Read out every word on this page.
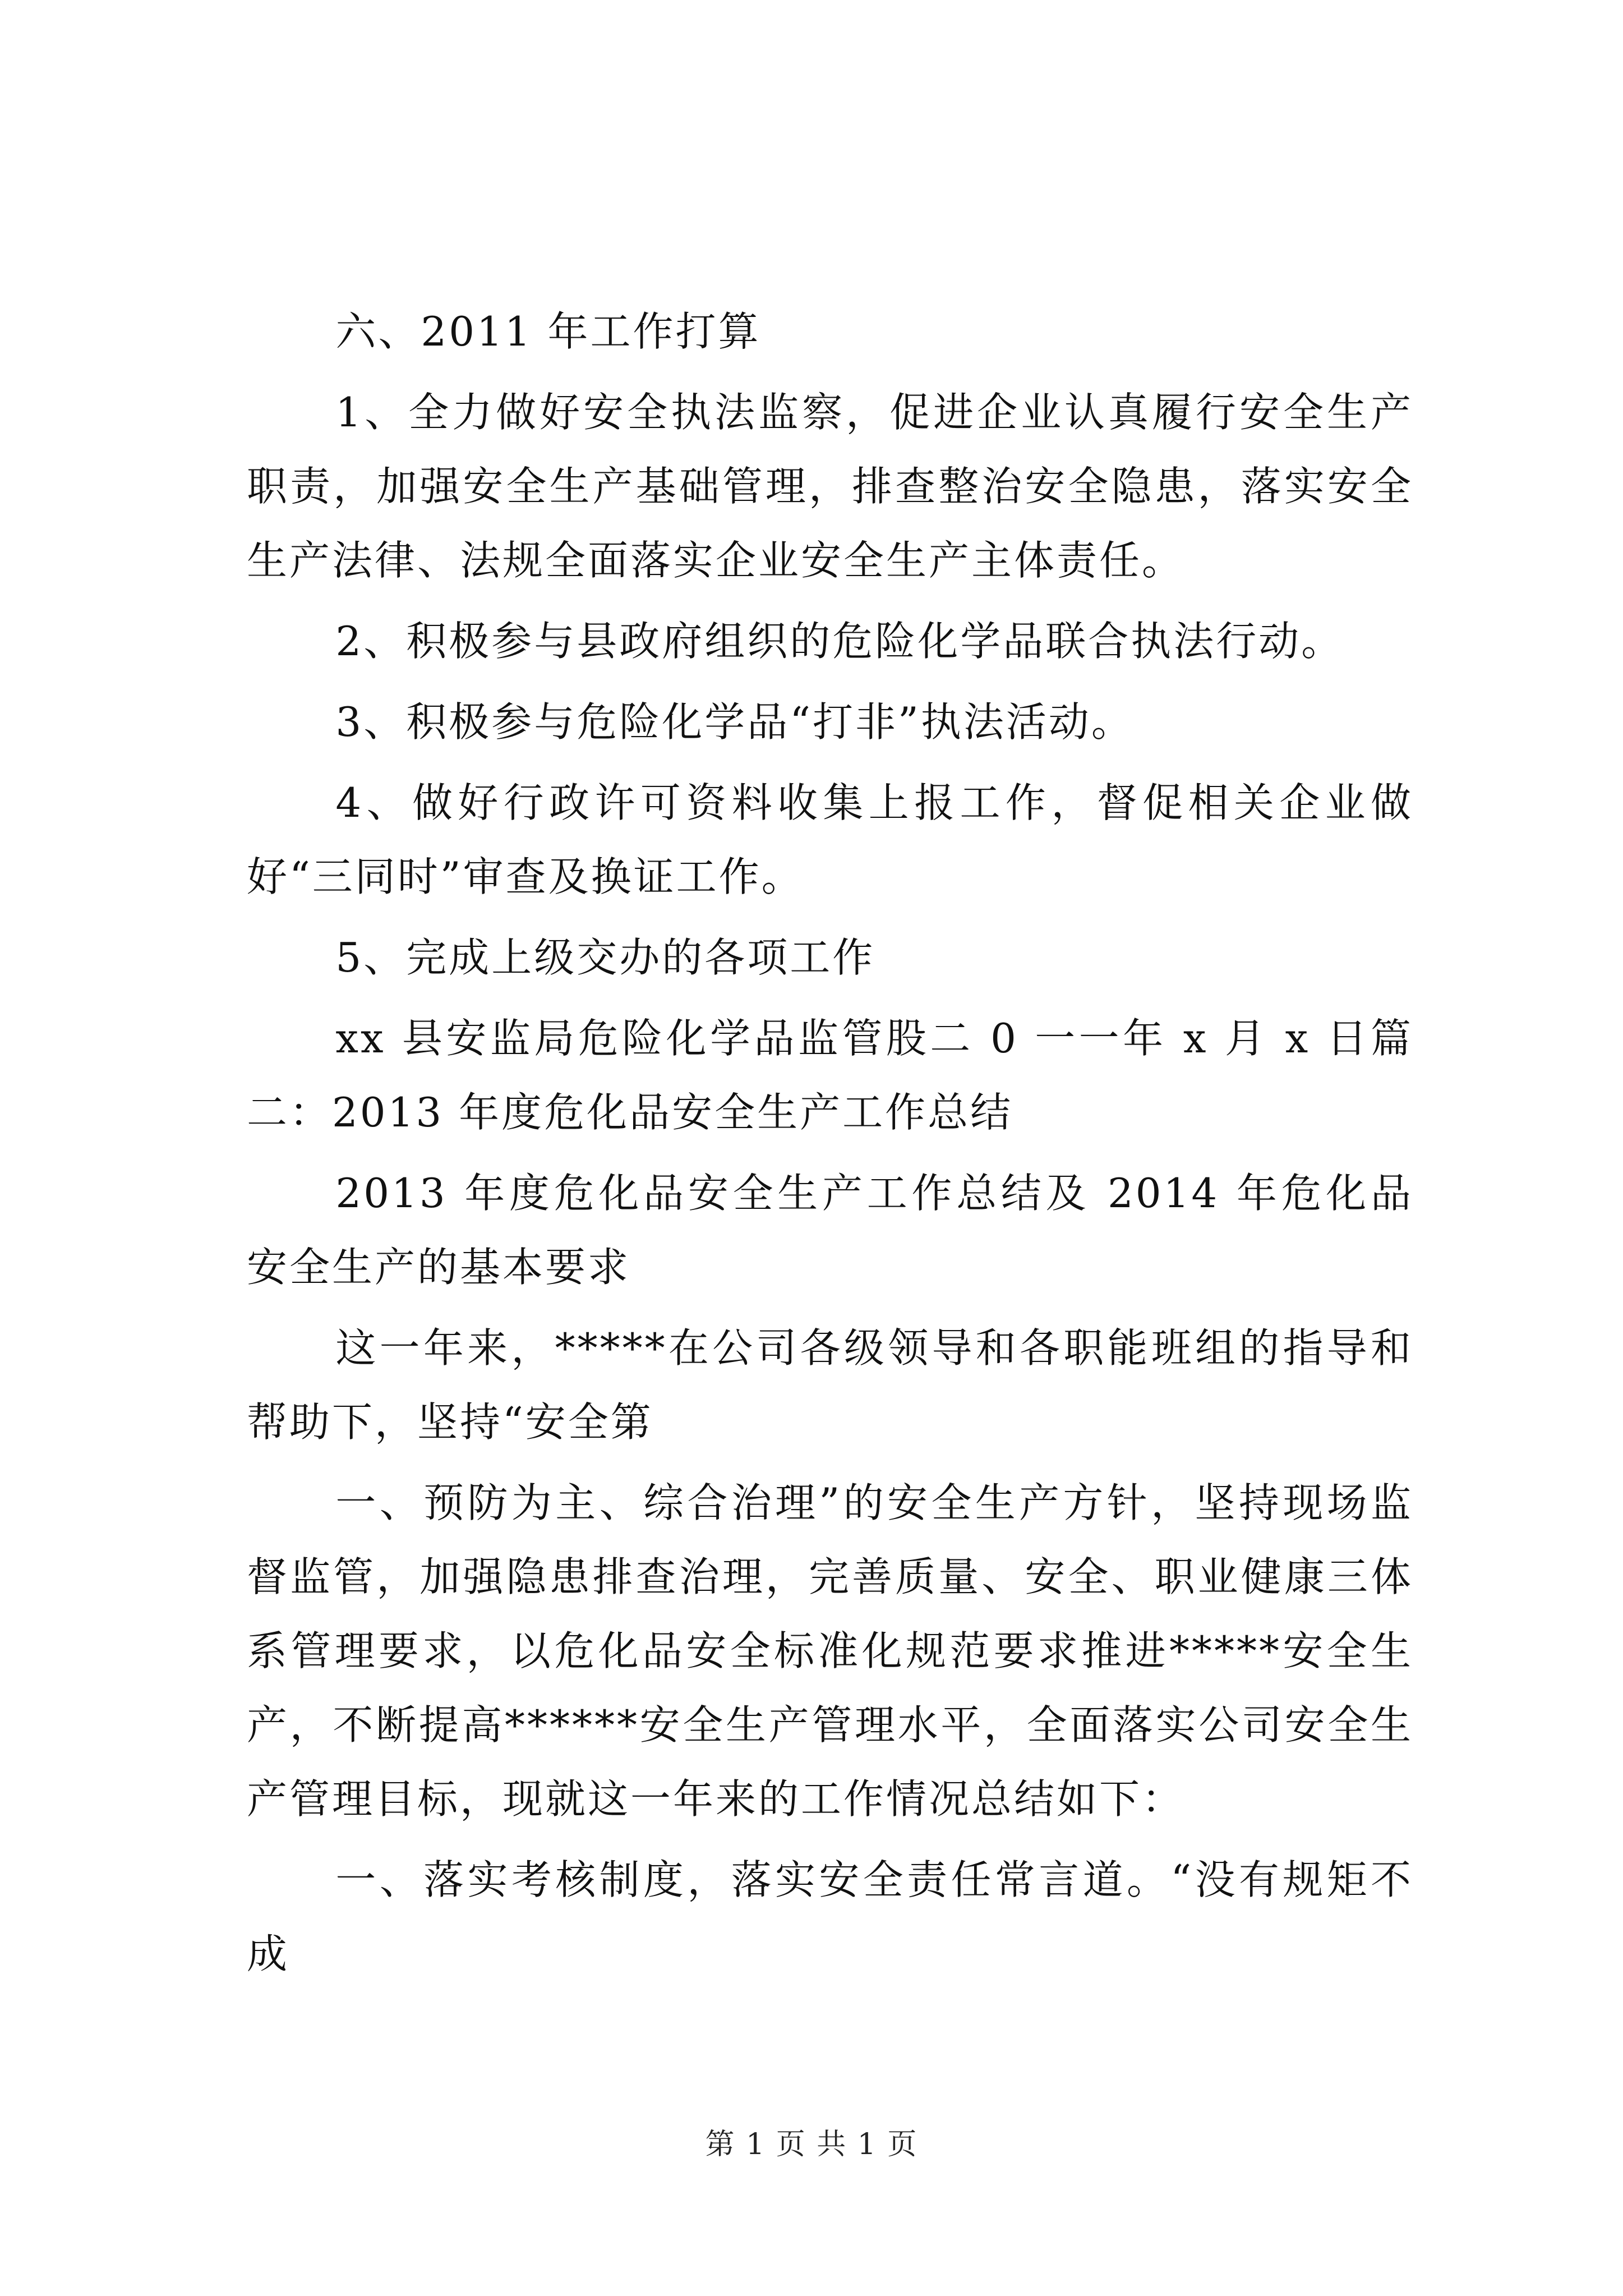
六、2011 年工作打算

1、全力做好安全执法监察，促进企业认真履行安全生产职责，加强安全生产基础管理，排查整治安全隐患，落实安全生产法律、法规全面落实企业安全生产主体责任。

2、积极参与县政府组织的危险化学品联合执法行动。

3、积极参与危险化学品“打非”执法活动。

4、做好行政许可资料收集上报工作，督促相关企业做好“三同时”审查及换证工作。

5、完成上级交办的各项工作

xx 县安监局危险化学品监管股二 0 一一年 x 月 x 日篇二：2013 年度危化品安全生产工作总结

2013 年度危化品安全生产工作总结及 2014 年危化品安全生产的基本要求

这一年来，*****在公司各级领导和各职能班组的指导和帮助下，坚持“安全第

一、预防为主、综合治理”的安全生产方针，坚持现场监督监管，加强隐患排查治理，完善质量、安全、职业健康三体系管理要求，以危化品安全标准化规范要求推进*****安全生产，不断提高******安全生产管理水平，全面落实公司安全生产管理目标，现就这一年来的工作情况总结如下：

一、落实考核制度，落实安全责任常言道。“没有规矩不成

第 1 页 共 1 页
